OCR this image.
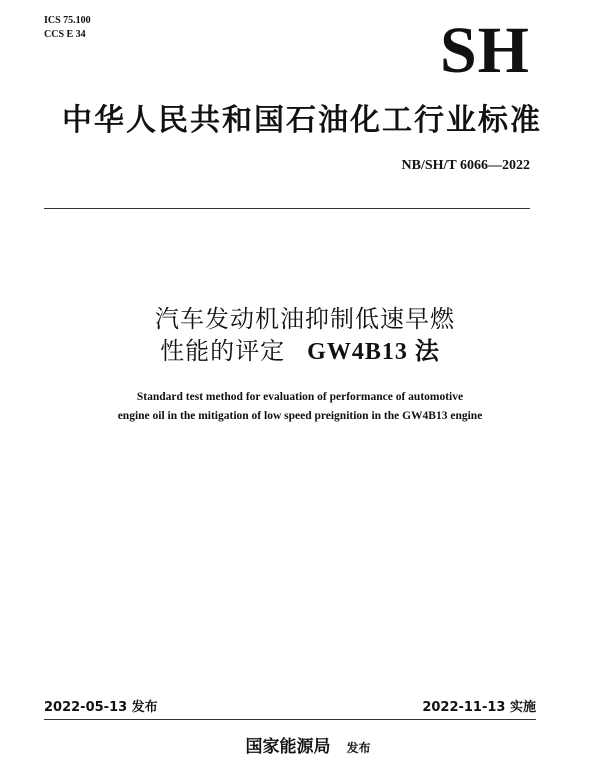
ICS 75.100
CCS E 34	SH
中华人民共和国石油化工行业标准
NB/SH/T 6066—2022
汽车发动机油抑制低速早燃
性能的评定 GW4B13 法
Standard test method for evaluation of performance of automotive
engine oil in the mitigation of low speed preignition in the GW4B13 engine
2022-05-13 发布	2022-11-13 实施
国家能源局 发布
